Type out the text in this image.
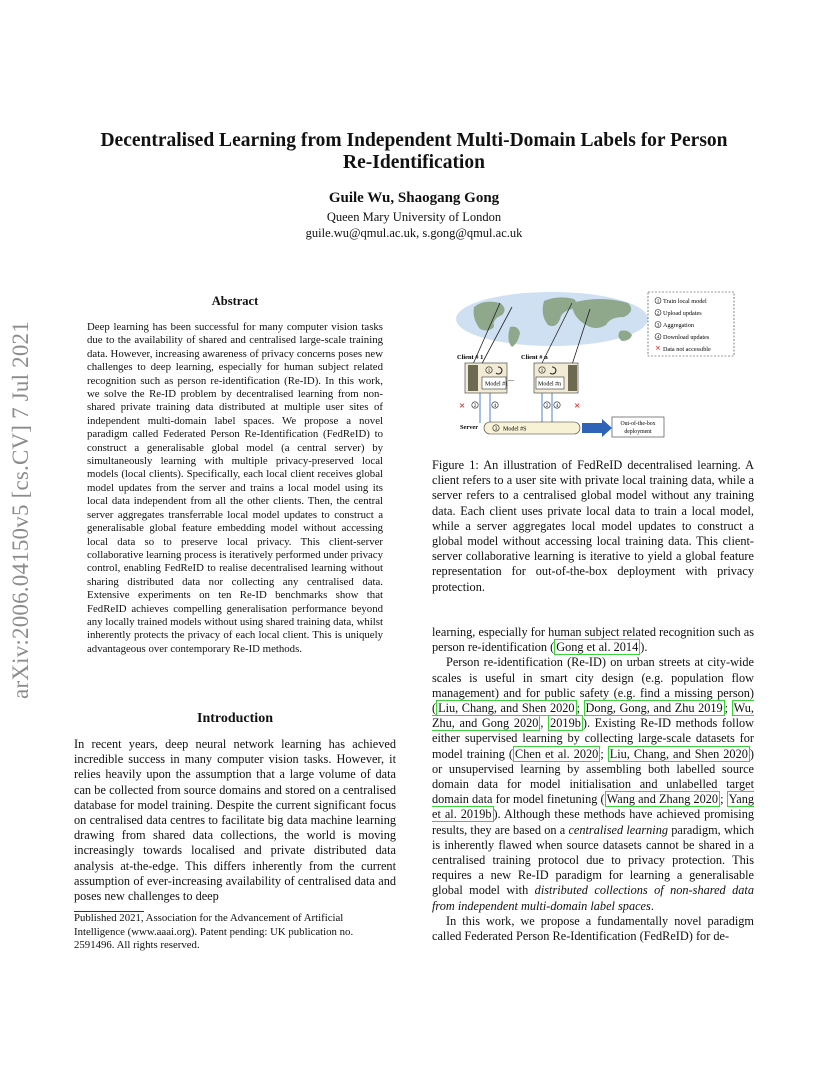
arXiv:2006.04150v5 [cs.CV] 7 Jul 2021
Decentralised Learning from Independent Multi-Domain Labels for Person
Re-Identification
Guile Wu, Shaogang Gong
Queen Mary University of London
guile.wu@qmul.ac.uk, s.gong@qmul.ac.uk
Abstract
Deep learning has been successful for many computer vision tasks due to the availability of shared and centralised large-scale training data. However, increasing awareness of privacy concerns poses new challenges to deep learning, especially for human subject related recognition such as person re-identification (Re-ID). In this work, we solve the Re-ID problem by decentralised learning from non-shared private training data distributed at multiple user sites of independent multi-domain label spaces. We propose a novel paradigm called Federated Person Re-Identification (FedReID) to construct a generalisable global model (a central server) by simultaneously learning with multiple privacy-preserved local models (local clients). Specifically, each local client receives global model updates from the server and trains a local model using its local data independent from all the other clients. Then, the central server aggregates transferrable local model updates to construct a generalisable global feature embedding model without accessing local data so to preserve local privacy. This client-server collaborative learning process is iteratively performed under privacy control, enabling FedReID to realise decentralised learning without sharing distributed data nor collecting any centralised data. Extensive experiments on ten Re-ID benchmarks show that FedReID achieves compelling generalisation performance beyond any locally trained models without using shared training data, whilst inherently protects the privacy of each local client. This is uniquely advantageous over contemporary Re-ID methods.
Introduction
In recent years, deep neural network learning has achieved incredible success in many computer vision tasks. However, it relies heavily upon the assumption that a large volume of data can be collected from source domains and stored on a centralised database for model training. Despite the current significant focus on centralised data centres to facilitate big data machine learning drawing from shared data collections, the world is moving increasingly towards localised and private distributed data analysis at-the-edge. This differs inherently from the current assumption of ever-increasing availability of centralised data and poses new challenges to deep
Published 2021, Association for the Advancement of Artificial Intelligence (www.aaai.org). Patent pending: UK publication no. 2591496. All rights reserved.
1 Train local model
2 Upload updates
3 Aggregation
4 Download updates
× Data not accessible
Client # 1	Client # n
...
1
Model #1
1
Model #n
×	×
2	4	2 4
Server	3 Model #S
Out-of-the-box
deployment
Figure 1: An illustration of FedReID decentralised learning. A client refers to a user site with private local training data, while a server refers to a centralised global model without any training data. Each client uses private local data to train a local model, while a server aggregates local model updates to construct a global model without accessing local training data. This client-server collaborative learning is iterative to yield a global feature representation for out-of-the-box deployment with privacy protection.

learning, especially for human subject related recognition such as person re-identification ( Gong et al. 2014 ).

Person re-identification (Re-ID) on urban streets at city-wide scales is useful in smart city design (e.g. population flow management) and for public safety (e.g. find a missing person) ( Liu, Chang, and Shen 2020 ; Dong, Gong, and Zhu 2019 ; Wu, Zhu, and Gong 2020 , 2019b ). Existing Re-ID methods follow either supervised learning by collecting large-scale datasets for model training ( Chen et al. 2020 ; Liu, Chang, and Shen 2020 ) or unsupervised learning by assembling both labelled source domain data for model initialisation and unlabelled target domain data for model finetuning ( Wang and Zhang 2020 ; Yang et al. 2019b ). Although these methods have achieved promising results, they are based on a centralised learning paradigm, which is inherently flawed when source datasets cannot be shared in a centralised training protocol due to privacy protection. This requires a new Re-ID paradigm for learning a generalisable global model with distributed collections of non-shared data from independent multi-domain label spaces.

In this work, we propose a fundamentally novel paradigm called Federated Person Re-Identification (FedReID) for de-
